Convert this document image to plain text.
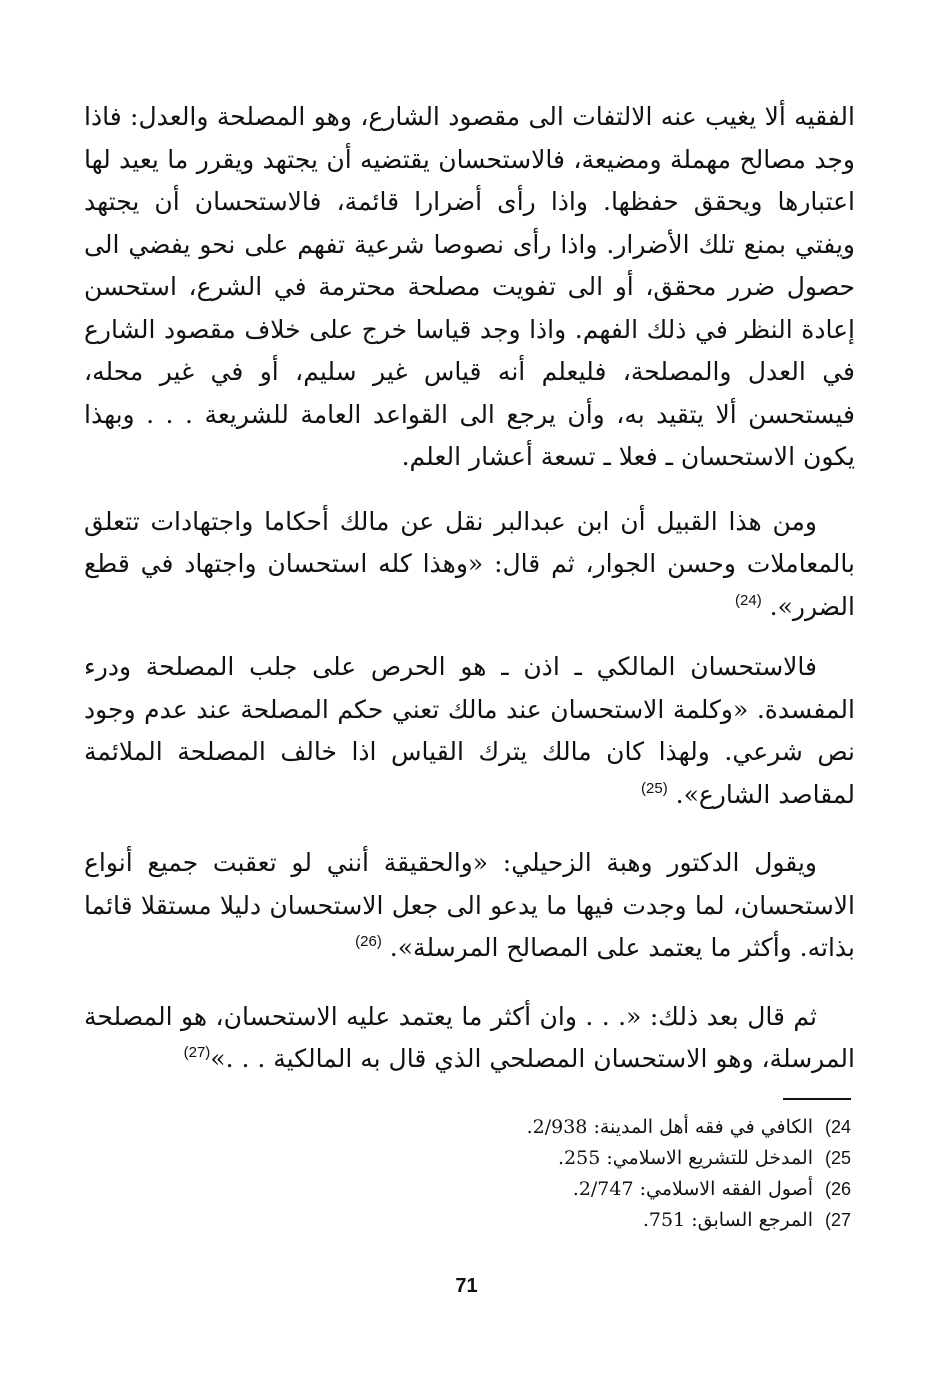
الفقيه ألا يغيب عنه الالتفات الى مقصود الشارع، وهو المصلحة والعدل: فاذا وجد مصالح مهملة ومضيعة، فالاستحسان يقتضيه أن يجتهد ويقرر ما يعيد لها اعتبارها ويحقق حفظها. واذا رأى أضرارا قائمة، فالاستحسان أن يجتهد ويفتي بمنع تلك الأضرار. واذا رأى نصوصا شرعية تفهم على نحو يفضي الى حصول ضرر محقق، أو الى تفويت مصلحة محترمة في الشرع، استحسن إعادة النظر في ذلك الفهم. واذا وجد قياسا خرج على خلاف مقصود الشارع في العدل والمصلحة، فليعلم أنه قياس غير سليم، أو في غير محله، فيستحسن ألا يتقيد به، وأن يرجع الى القواعد العامة للشريعة . . . وبهذا يكون الاستحسان ـ فعلا ـ تسعة أعشار العلم.

ومن هذا القبيل أن ابن عبدالبر نقل عن مالك أحكاما واجتهادات تتعلق بالمعاملات وحسن الجوار، ثم قال: «وهذا كله استحسان واجتهاد في قطع الضرر». $^{(24)}$

فالاستحسان المالكي ـ اذن ـ هو الحرص على جلب المصلحة ودرء المفسدة. «وكلمة الاستحسان عند مالك تعني حكم المصلحة عند عدم وجود نص شرعي. ولهذا كان مالك يترك القياس اذا خالف المصلحة الملائمة لمقاصد الشارع». $^{(25)}$

ويقول الدكتور وهبة الزحيلي: «والحقيقة أنني لو تعقبت جميع أنواع الاستحسان، لما وجدت فيها ما يدعو الى جعل الاستحسان دليلا مستقلا قائما بذاته. وأكثر ما يعتمد على المصالح المرسلة». $^{(26)}$

ثم قال بعد ذلك: «. . . وان أكثر ما يعتمد عليه الاستحسان، هو المصلحة المرسلة، وهو الاستحسان المصلحي الذي قال به المالكية . . .»$^{(27)}$

24)الكافي في فقه أهل المدينة: 2/938.
25)المدخل للتشريع الاسلامي: 255.
26)أصول الفقه الاسلامي: 2/747.
27)المرجع السابق: 751.
71
